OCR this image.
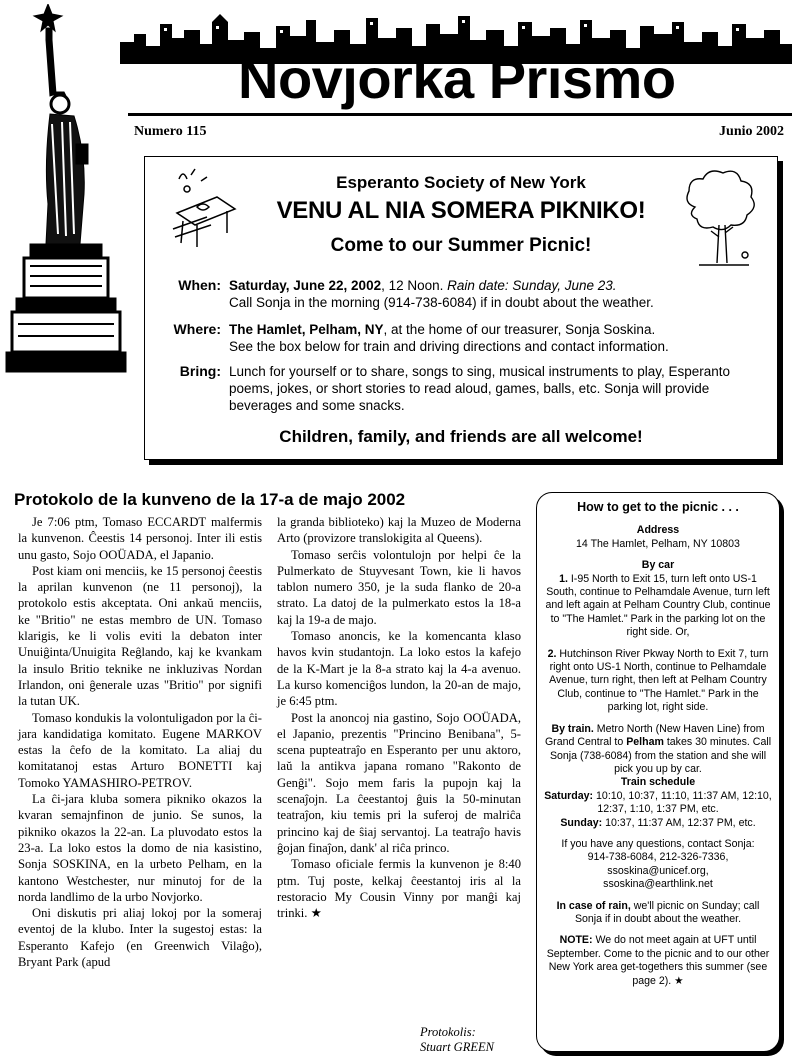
Novjorka Prismo
Numero 115	Junio 2002
Esperanto Society of New York
VENU AL NIA SOMERA PIKNIKO!
Come to our Summer Picnic!
When: Saturday, June 22, 2002, 12 Noon. Rain date: Sunday, June 23.
Call Sonja in the morning (914-738-6084) if in doubt about the weather.
Where: The Hamlet, Pelham, NY, at the home of our treasurer, Sonja Soskina.
See the box below for train and driving directions and contact information.
Bring: Lunch for yourself or to share, songs to sing, musical instruments to play, Esperanto poems, jokes, or short stories to read aloud, games, balls, etc. Sonja will provide beverages and some snacks.
Children, family, and friends are all welcome!
Protokolo de la kunveno de la 17-a de majo 2002

Je 7:06 ptm, Tomaso ECCARDT malfermis la kunvenon. Ĉeestis 14 personoj. Inter ili estis unu gasto, Sojo OOÜADA, el Japanio.

Post kiam oni menciis, ke 15 personoj ĉeestis la aprilan kunvenon (ne 11 personoj), la protokolo estis akceptata. Oni ankaŭ menciis, ke "Britio" ne estas membro de UN. Tomaso klarigis, ke li volis eviti la debaton inter Unuiĝinta/Unuigita Reĝlando, kaj ke kvankam la insulo Britio teknike ne inkluzivas Nordan Irlandon, oni ĝenerale uzas "Britio" por signifi la tutan UK.

Tomaso kondukis la volontuligadon por la ĉi-jara kandidatiga komitato. Eugene MARKOV estas la ĉefo de la komitato. La aliaj du komitatanoj estas Arturo BONETTI kaj Tomoko YAMASHIRO-PETROV.

La ĉi-jara kluba somera pikniko okazos la kvaran semajnfinon de junio. Se sunos, la pikniko okazos la 22-an. La pluvodato estos la 23-a. La loko estos la domo de nia kasistino, Sonja SOSKINA, en la urbeto Pelham, en la kantono Westchester, nur minutoj for de la norda landlimo de la urbo Novjorko.

Oni diskutis pri aliaj lokoj por la someraj eventoj de la klubo. Inter la sugestoj estas: la Esperanto Kafejo (en Greenwich Vilaĝo), Bryant Park (apud

la granda biblioteko) kaj la Muzeo de Moderna Arto (provizore translokigita al Queens).

Tomaso serĉis volontulojn por helpi ĉe la Pulmerkato de Stuyvesant Town, kie li havos tablon numero 350, je la suda flanko de 20-a strato. La datoj de la pulmerkato estos la 18-a kaj la 19-a de majo.

Tomaso anoncis, ke la komencanta klaso havos kvin studantojn. La loko estos la kafejo de la K-Mart je la 8-a strato kaj la 4-a avenuo. La kurso komenciĝos lundon, la 20-an de majo, je 6:45 ptm.

Post la anoncoj nia gastino, Sojo OOÜADA, el Japanio, prezentis "Princino Benibana", 5-scena pupteatraĵo en Esperanto per unu aktoro, laŭ la antikva japana romano "Rakonto de Genĝi". Sojo mem faris la pupojn kaj la scenaĵojn. La ĉeestantoj ĝuis la 50-minutan teatraĵon, kiu temis pri la suferoj de malriĉa princino kaj de ŝiaj servantoj. La teatraĵo havis ĝojan finaĵon, dank' al riĉa princo.

Tomaso oficiale fermis la kunvenon je 8:40 ptm. Tuj poste, kelkaj ĉeestantoj iris al la restoracio My Cousin Vinny por manĝi kaj trinki. ★

Protokolis:
Stuart GREEN
How to get to the picnic . . .
Address
14 The Hamlet, Pelham, NY 10803
By car
1. I-95 North to Exit 15, turn left onto US-1 South, continue to Pelhamdale Avenue, turn left and left again at Pelham Country Club, continue to "The Hamlet." Park in the parking lot on the right side. Or,
2. Hutchinson River Pkway North to Exit 7, turn right onto US-1 North, continue to Pelhamdale Avenue, turn right, then left at Pelham Country Club, continue to "The Hamlet." Park in the parking lot, right side.
By train. Metro North (New Haven Line) from Grand Central to Pelham takes 30 minutes. Call Sonja (738-6084) from the station and she will pick you up by car.
Train schedule
Saturday: 10:10, 10:37, 11:10, 11:37 AM, 12:10, 12:37, 1:10, 1:37 PM, etc.
Sunday: 10:37, 11:37 AM, 12:37 PM, etc.
If you have any questions, contact Sonja:
914-738-6084, 212-326-7336,
ssoskina@unicef.org,
ssoskina@earthlink.net
In case of rain, we'll picnic on Sunday; call Sonja if in doubt about the weather.
NOTE: We do not meet again at UFT until September. Come to the picnic and to our other New York area get-togethers this summer (see page 2). ★
